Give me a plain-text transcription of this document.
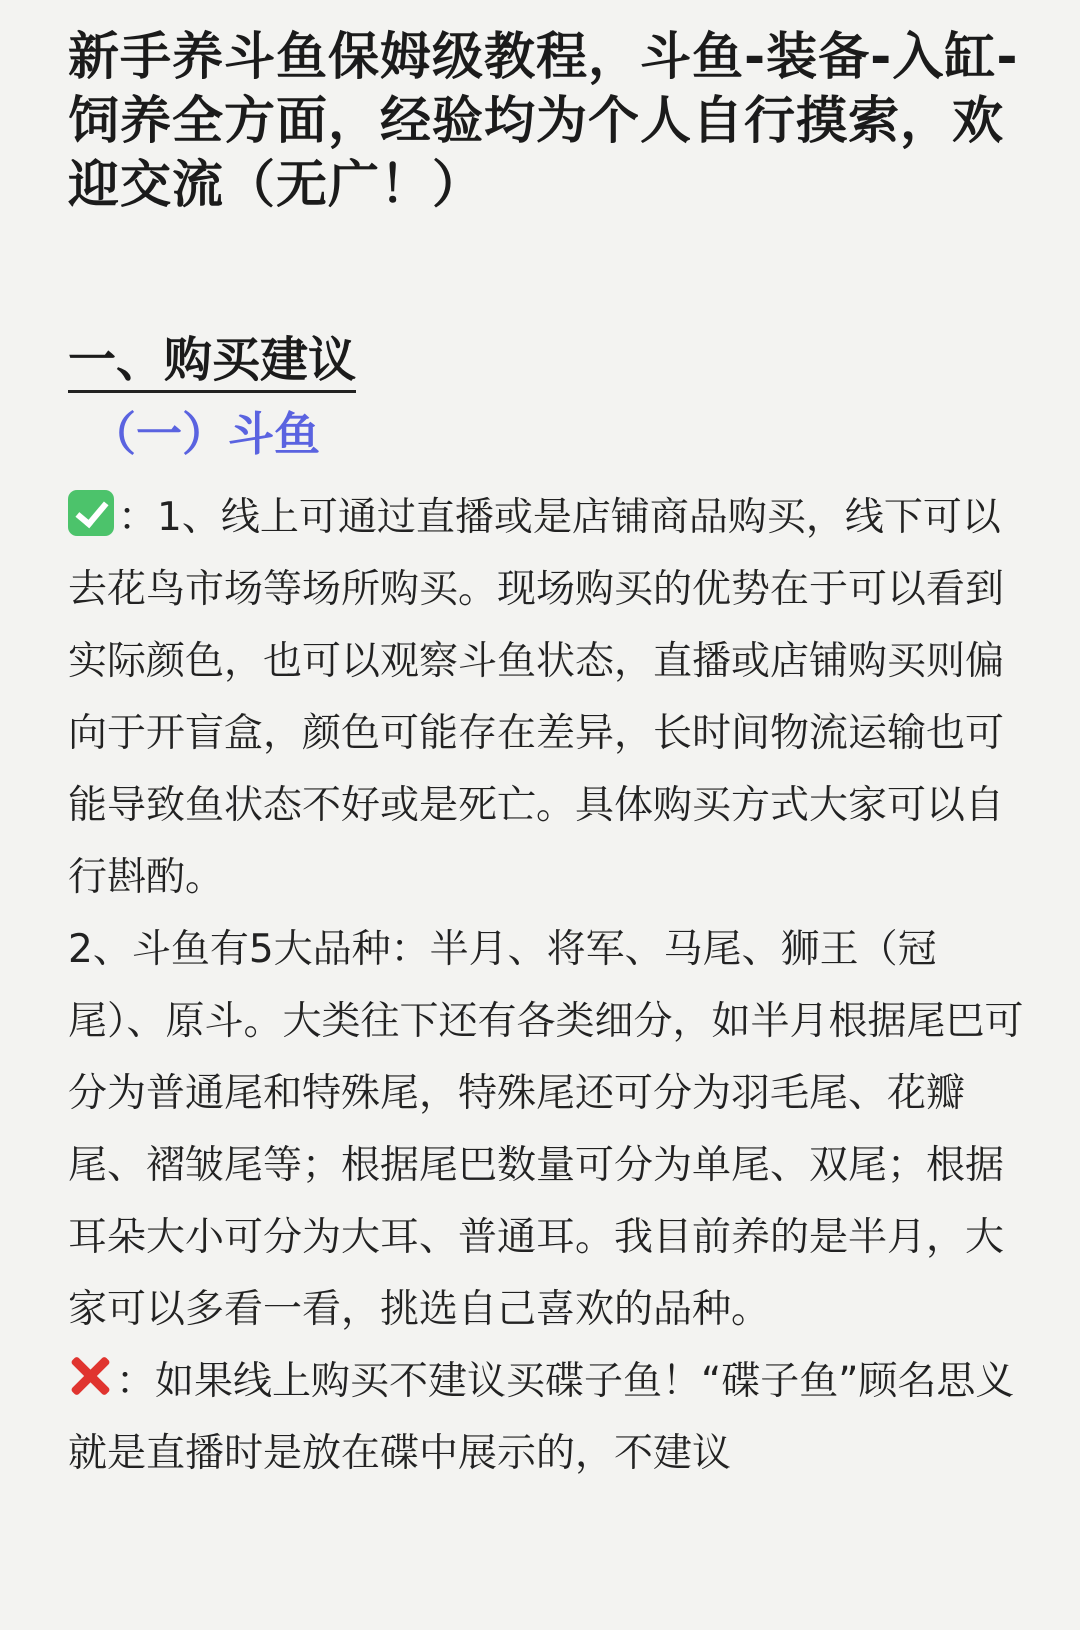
新手养斗鱼保姆级教程，斗鱼-装备-入缸-饲养全方面，经验均为个人自行摸索，欢迎交流（无广！）
一、购买建议
（一）斗鱼

：1、线上可通过直播或是店铺商品购买，线下可以去花鸟市场等场所购买。现场购买的优势在于可以看到实际颜色，也可以观察斗鱼状态，直播或店铺购买则偏向于开盲盒，颜色可能存在差异，长时间物流运输也可能导致鱼状态不好或是死亡。具体购买方式大家可以自行斟酌。

2、斗鱼有5大品种：半月、将军、马尾、狮王（冠尾）、原斗。大类往下还有各类细分，如半月根据尾巴可分为普通尾和特殊尾，特殊尾还可分为羽毛尾、花瓣尾、褶皱尾等；根据尾巴数量可分为单尾、双尾；根据耳朵大小可分为大耳、普通耳。我目前养的是半月，大家可以多看一看，挑选自己喜欢的品种。

：如果线上购买不建议买碟子鱼！“碟子鱼”顾名思义就是直播时是放在碟中展示的，不建议
